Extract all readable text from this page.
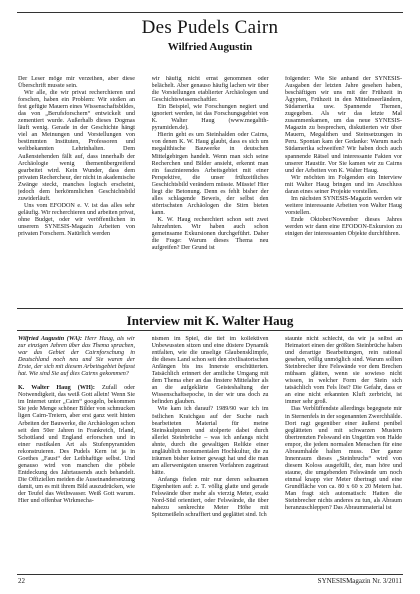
Des Pudels Cairn
Wilfried Augustin

Der Leser möge mir verzeihen, aber diese Überschrift musste sein.

Wir alle, die wir privat recherchieren und forschen, haben ein Problem: Wir stoßen an fest gefügte Mauern eines Wissenschaftsbildes, das von „Berufsforschern“ entwickelt und zementiert wurde. Außerhalb dieses Dogmas läuft wenig. Gerade in der Geschichte hängt viel an Meinungen und Vorstellungen von bestimmten Instituten, Professoren und weltbekannten Lehrinhalten. Dem Außenstehenden fällt auf, dass innerhalb der Archäologie wenig themenübergreifend gearbeitet wird. Kein Wunder, dass dem privaten Rechercheur, der nicht in akademische Zwänge steckt, manches logisch erscheint, jedoch dem herkömmlichen Geschichtsbild zuwiderläuft.

Uns vom EFODON e. V. ist das alles sehr geläufig. Wir recherchieren und arbeiten privat, ohne Budget, oder wir veröffentlichen in unserem SYNESIS-Magazin Arbeiten von privaten Forschern. Natürlich werden

wir häufig nicht ernst genommen oder belächelt. Aber genauso häufig lachen wir über die Vorstellungen etablierter Archäologen und Geschichtswissenschaftler.

Ein Beispiel, wie Forschungen negiert und ignoriert werden, ist das Forschungsgebiet von K. Walter Haug (www.megalith-pyramiden.de).

Hierin geht es um Steinhalden oder Cairns, von denen K. W. Haug glaubt, dass es sich um megalithische Bauwerke in deutschen Mittelgebirgen handelt. Wenn man sich seine Recherchen und Bilder ansieht, erkennt man ein faszinierendes Arbeitsgebiet mit einer Perspektive, die unser frühzeitliches Geschichtsbild verändern müsste. Müsste! Hier liegt die Betonung. Denn es fehlt bisher der alles schlagende Beweis, der selbst den störrischsten Archäologen die Stirn bieten kann.

K. W. Haug recherchiert schon seit zwei Jahrzehnten. Wir haben auch schon gemeinsame Exkursionen durchgeführt. Daher die Frage: Warum dieses Thema neu aufgreifen? Der Grund ist

folgender: Wie Sie anhand der SYNESIS-Ausgaben der letzten Jahre gesehen haben, beschäftigen wir uns mit der Frühzeit in Ägypten, Frühzeit in den Mittelmeerländern, Südamerika usw. Spannende Themen, zugegeben. Als wir das letzte Mal zusammenkamen, um das neue SYNESIS-Magazin zu besprechen, diskutierten wir über Mauern, Megalithen und Steinsetzungen in Peru. Spontan kam der Gedanke: Warum nach Südamerika schweifen? Wir haben doch auch spannende Rätsel und interessante Fakten vor unserer Haustür. Vor Sie kamen wir zu Cairns und der Arbeiten von K. Walter Haug.

Wir möchten im Folgenden ein Interview mit Walter Haug bringen und im Anschluss daran eines seiner Projekte vorstellen.

Im nächsten SYNESIS-Magazin werden wir weitere interessante Arbeiten von Walter Haug vorstellen.

Ende Oktober/November dieses Jahres werden wir dann eine EFODON-Exkursion zu einigen der interessanten Objekte durchführen.

Interview mit K. Walter Haug

Wilfried Augustin (WA): Herr Haug, als wir zur einzigen Jahren über das Thema sprachen, war das Gebiet der Cairnforschung in Deutschland noch neu und Sie waren der Erste, der sich mit diesem Arbeitsgebiet befasst hat. Wie sind Sie auf dies Cairns gekommen?

K. Walter Haug (WH): Zufall oder Notwendigkeit, das weiß Gott allein! Wenn Sie im Internet unter „Cairn“ googeln, bekommen Sie jede Menge schöner Bilder von schmucken ligen Cairn-Treiern, aber erst ganz weit hinten Arbeiten der Bauwerke, die Archäologen schon seit den 50er Jahren in Frankreich, Irland, Schottland und England erforschen und in einer rustikalen Art als Stufenpyramiden rekonstruieren. Des Pudels Kern ist ja in Goethes „Faust“ der Leibhaftige selbst. Und genauso wird von manchen die pöbele Entdeckung des Jahrtausends auch behandelt. Die Offiziellen meiden die Auseinandersetzung damit, um es mit ihrem Bild auszudrücken, wie der Teufel das Weihwasser. Weiß Gott warum. Hier und offenbar Wirkmecha-

nismen im Spiel, die tief im kollektiven Unbewussten sitzen und eine düstere Dynamik entfalten, wie die unselige Glaubensklimpfe, die dieses Land schon seit den zivilisatorischen Anfängen bis ins Innerste erschütterten. Tatsächlich erinnert der amtliche Umgang mit dem Thema eher an das finstere Mittelalter als an die aufgeklärte Geisteshaltung der Wissenschaftsepoche, in der wir uns doch zu befinden glauben.

Wie kam ich darauf? 1989/90 war ich im östlichen Kraichgau auf der Suche nach bearbeiteten Material für meine Steinskulpturen und stolperte dabei durch allerlei Steinbrüche – was ich anfangs nicht ahnte, durch die gewaltigen Relikte einer ungläublich monumentalen Hochkultur, die zu träumen bisher keiner gewagt hat und die man am allerwenigsten unseren Vorfahren zugetraut hätte.

Anfangs fielen mir nur deren seltsamen Eigenheiten auf: z. T. völlig glatte und gerade Felswände über mehr als vierzig Meter, exakt Nord-Süd orientiert, oder Felswände, die über nahezu senkrechte Meter Höhe mit Spitzmeißeln schraffiert und geglättet sind. Ich

staunte nicht schlecht, da wir ja selbst an Heimatort einen der größten Steinbrüche haben und derartige Bearbeitungen, rein rational gesehen, völlig unmöglich sind. Warum sollten Steinbrecher ihre Felswände vor dem Brechen mühsam glätten, wenn sie sowieso nicht wissen, in welcher Form der Stein sich tatsächlich vom Fels löst? Die Gefahr, dass er an eine nicht erkannten Kluft zerbricht, ist immer sehr groß.

Das Verblüffendste allerdings begegnete mir in Sternenfels in der sogenannten Zwerchhälde. Dort ragt gegenüber einer äußerst penibel geglätteten und mit schwarzen Mustern übertrenzten Felswand ein Ungetüm von Halde empor, die jedem normalen Menschen für eine Abraumhalde halten muss. Der ganze Innenraum dieses „Steinbruchs“ wird von diesem Koloss ausgefüllt, der, man höre und staune, die umgebenden Felswände um noch einmal knapp vier Meter übertragt und eine Grundfläche von ca. 80 x 60 x 20 Metern hat. Man fragt sich automatisch: Hatten die Steinbrecher nichts anderes zu tun, als Abraum heranzuschleppen? Das Abraummaterial ist

22	SYNESISMagazin Nr. 3/2011
